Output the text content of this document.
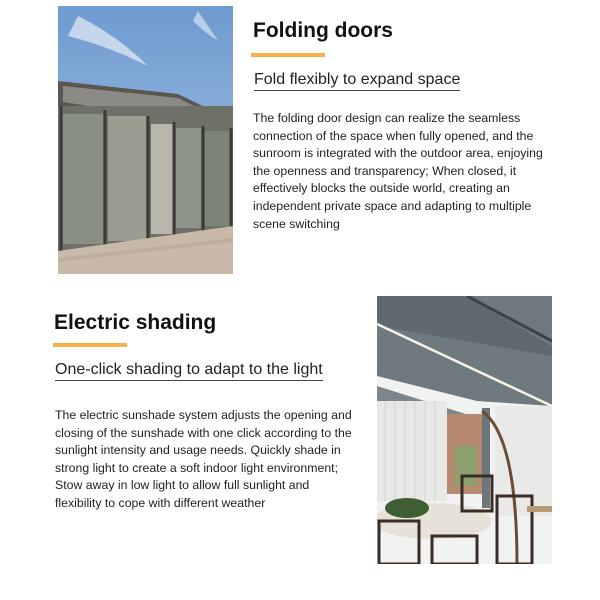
Folding doors
Fold flexibly to expand space
The folding door design can realize the seamless connection of the space when fully opened, and the sunroom is integrated with the outdoor area, enjoying the openness and transparency; When closed, it effectively blocks the outside world, creating an independent private space and adapting to multiple scene switching
Electric shading
One-click shading to adapt to the light
The electric sunshade system adjusts the opening and closing of the sunshade with one click according to the sunlight intensity and usage needs. Quickly shade in strong light to create a soft indoor light environment; Stow away in low light to allow full sunlight and flexibility to cope with different weather
